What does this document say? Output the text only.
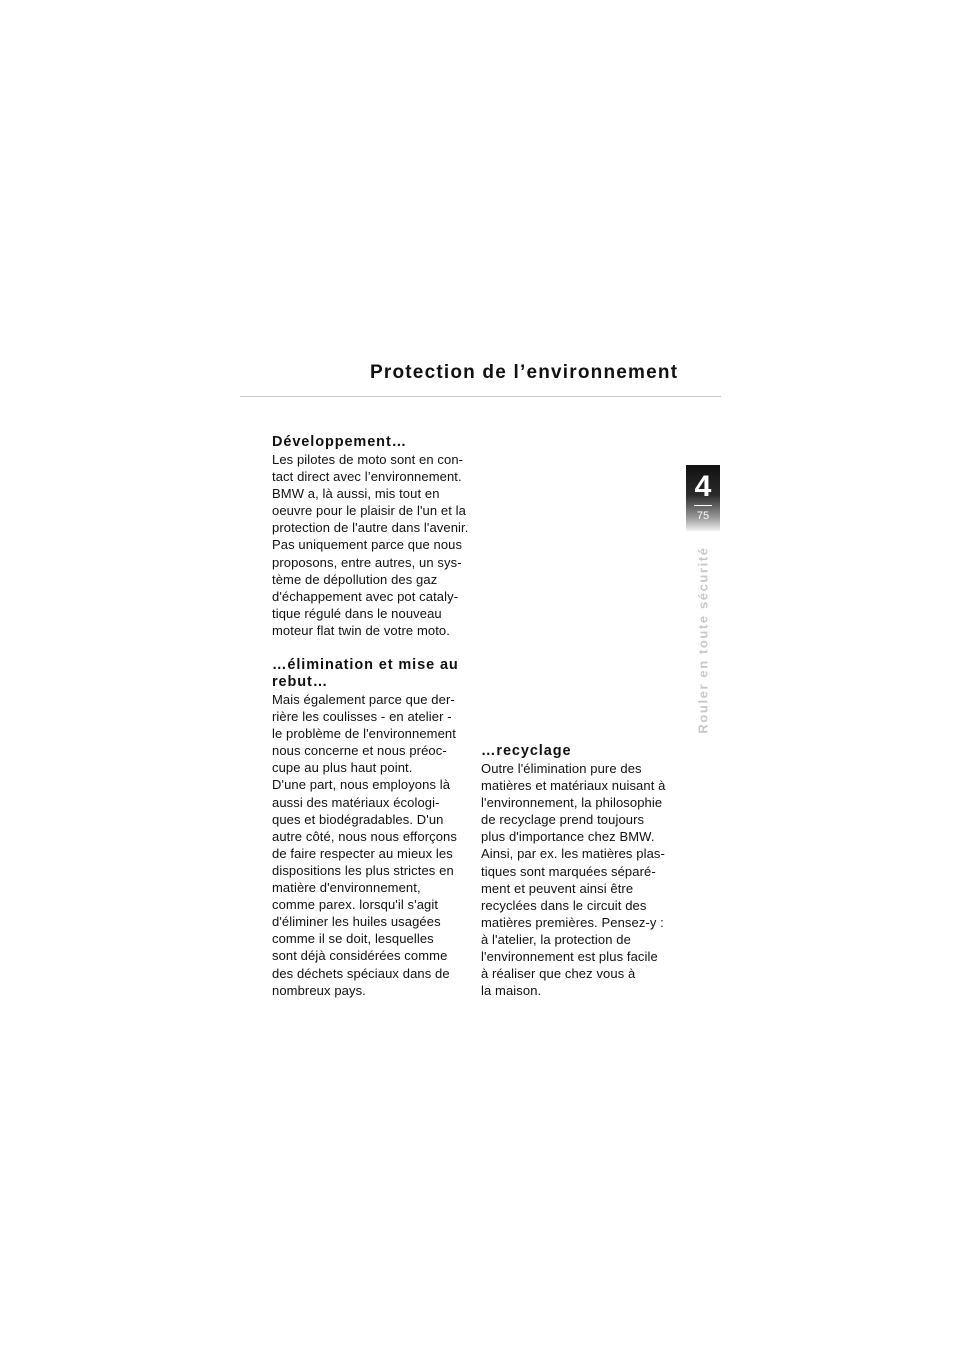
Protection de l’environnement
4
75
Rouler en toute sécurité
Développement…

Les pilotes de moto sont en con-
tact direct avec l’environnement.
BMW a, là aussi, mis tout en
oeuvre pour le plaisir de l'un et la
protection de l'autre dans l'avenir.
Pas uniquement parce que nous
proposons, entre autres, un sys-
tème de dépollution des gaz
d'échappement avec pot cataly-
tique régulé dans le nouveau
moteur flat twin de votre moto.

…élimination et mise au
rebut…

Mais également parce que der-
rière les coulisses - en atelier -
le problème de l'environnement
nous concerne et nous préoc-
cupe au plus haut point.
D'une part, nous employons là
aussi des matériaux écologi-
ques et biodégradables. D'un
autre côté, nous nous efforçons
de faire respecter au mieux les
dispositions les plus strictes en
matière d'environnement,
comme parex. lorsqu'il s'agit
d'éliminer les huiles usagées
comme il se doit, lesquelles
sont déjà considérées comme
des déchets spéciaux dans de
nombreux pays.

…recyclage

Outre l'élimination pure des
matières et matériaux nuisant à
l'environnement, la philosophie
de recyclage prend toujours
plus d'importance chez BMW.
Ainsi, par ex. les matières plas-
tiques sont marquées séparé-
ment et peuvent ainsi être
recyclées dans le circuit des
matières premières. Pensez-y :
à l'atelier, la protection de
l'environnement est plus facile
à réaliser que chez vous à
la maison.
